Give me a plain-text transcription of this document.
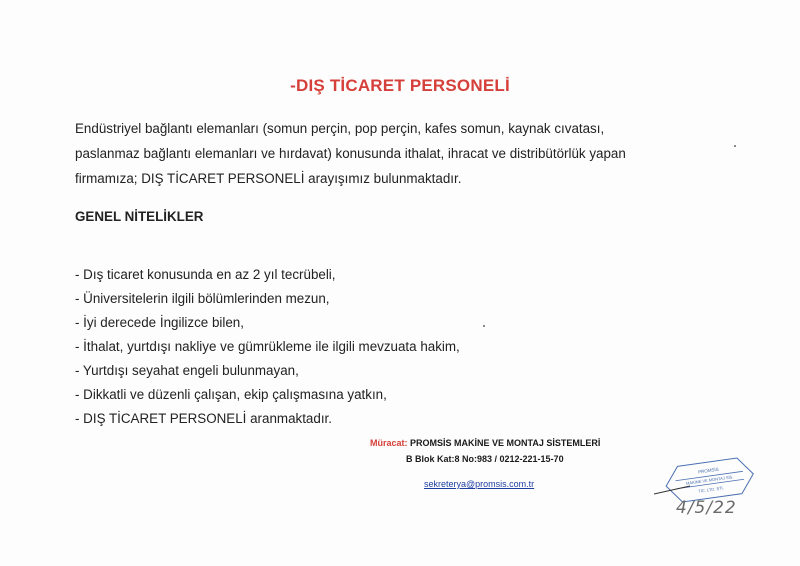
-DIŞ TİCARET PERSONELİ

Endüstriyel bağlantı elemanları (somun perçin, pop perçin, kafes somun, kaynak cıvatası,

paslanmaz bağlantı elemanları ve hırdavat) konusunda ithalat, ihracat ve distribütörlük yapan

firmamıza; DIŞ TİCARET PERSONELİ arayışımız bulunmaktadır.

GENEL NİTELİKLER
- Dış ticaret konusunda en az 2 yıl tecrübeli,
- Üniversitelerin ilgili bölümlerinden mezun,
- İyi derecede İngilizce bilen,
- İthalat, yurtdışı nakliye ve gümrükleme ile ilgili mevzuata hakim,
- Yurtdışı seyahat engeli bulunmayan,
- Dikkatli ve düzenli çalışan, ekip çalışmasına yatkın,
- DIŞ TİCARET PERSONELİ aranmaktadır.
Müracat: PROMSİS MAKİNE VE MONTAJ SİSTEMLERİ
B Blok Kat:8 No:983 / 0212-221-15-70
sekreterya@promsis.com.tr
PROMSİS
MAKİNE VE MONTAJ SİS.
TİC. LTD. ŞTİ.
4/5/22
